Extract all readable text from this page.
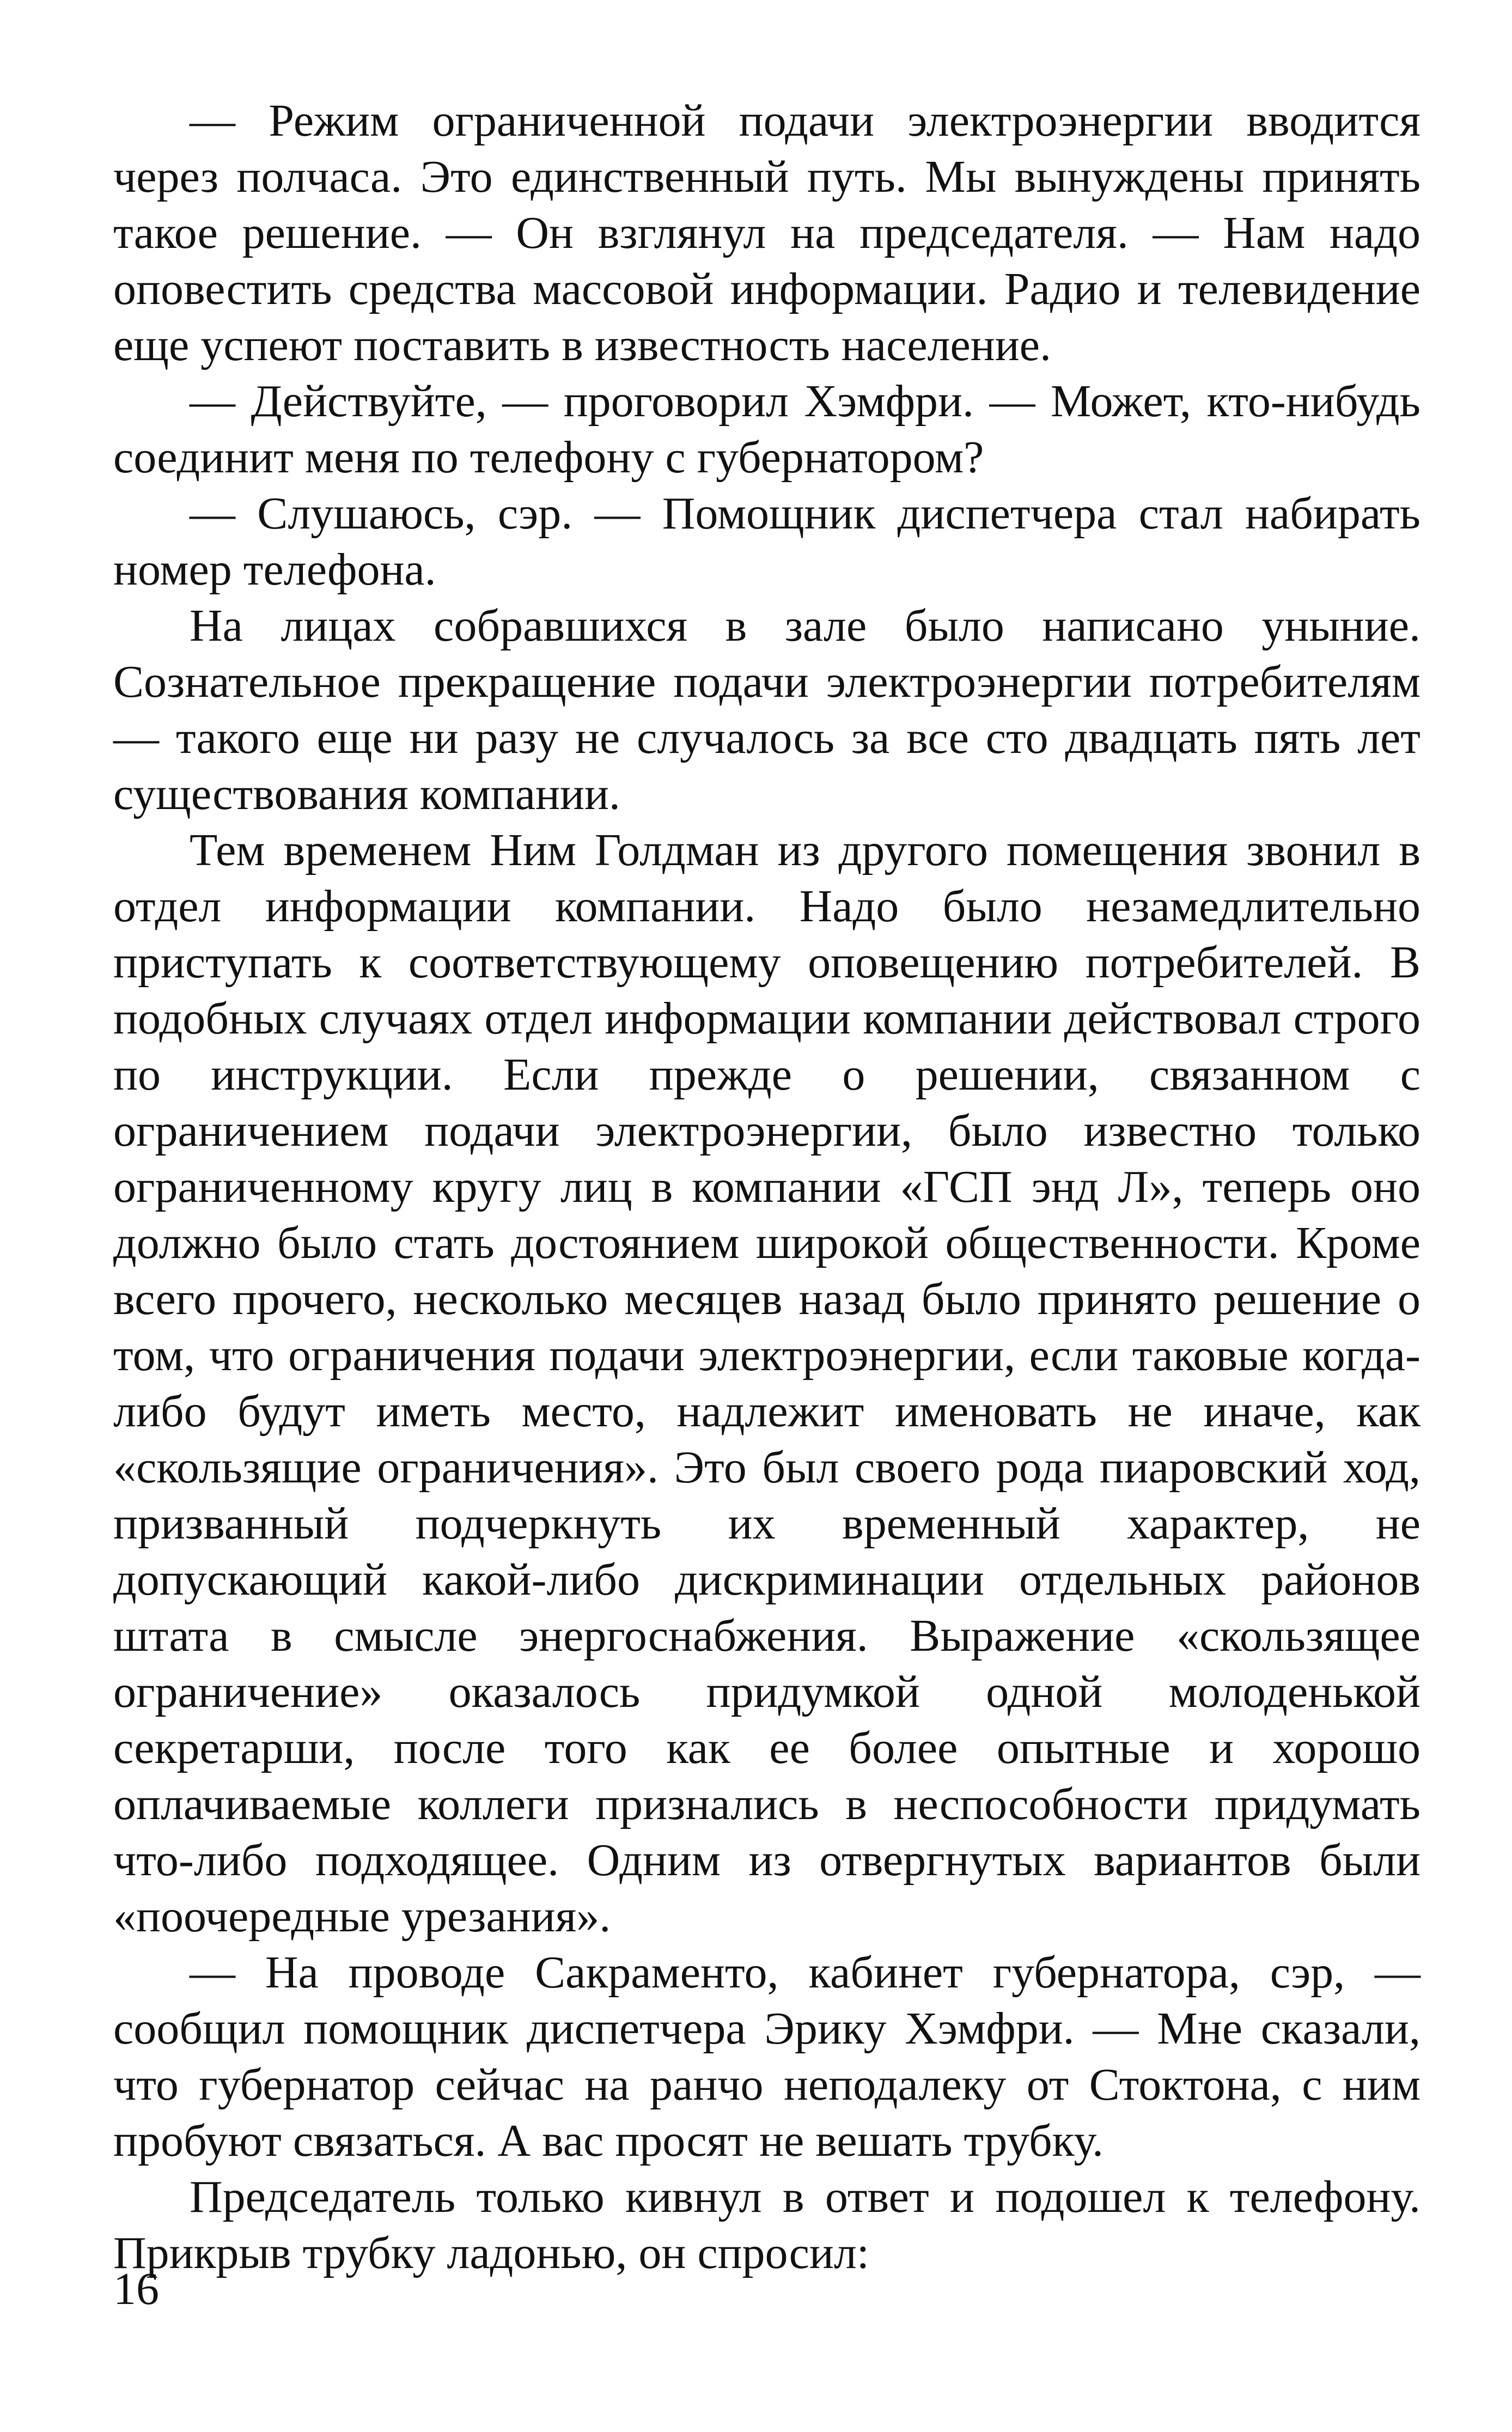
— Режим ограниченной подачи электроэнергии вводится через полчаса. Это единственный путь. Мы вынуждены принять такое решение. — Он взглянул на председателя. — Нам надо оповестить средства массовой информации. Радио и телевидение еще успеют поставить в известность население.

— Действуйте, — проговорил Хэмфри. — Может, кто-нибудь соединит меня по телефону с губернатором?

— Слушаюсь, сэр. — Помощник диспетчера стал набирать номер телефона.

На лицах собравшихся в зале было написано уныние. Сознательное прекращение подачи электроэнергии потребителям — такого еще ни разу не случалось за все сто двадцать пять лет существования компании.

Тем временем Ним Голдман из другого помещения звонил в отдел информации компании. Надо было незамедлительно приступать к соответствующему оповещению потребителей. В подобных случаях отдел информации компании действовал строго по инструкции. Если прежде о решении, связанном с ограничением подачи электроэнергии, было известно только ограниченному кругу лиц в компании «ГСП энд Л», теперь оно должно было стать достоянием широкой общественности. Кроме всего прочего, несколько месяцев назад было принято решение о том, что ограничения подачи электроэнергии, если таковые когда-либо будут иметь место, надлежит именовать не иначе, как «скользящие ограничения». Это был своего рода пиаровский ход, призванный подчеркнуть их временный характер, не допускающий какой-либо дискриминации отдельных районов штата в смысле энергоснабжения. Выражение «скользящее ограничение» оказалось придумкой одной молоденькой секретарши, после того как ее более опытные и хорошо оплачиваемые коллеги признались в неспособности придумать что-либо подходящее. Одним из отвергнутых вариантов были «поочередные урезания».

— На проводе Сакраменто, кабинет губернатора, сэр, — сообщил помощник диспетчера Эрику Хэмфри. — Мне сказали, что губернатор сейчас на ранчо неподалеку от Стоктона, с ним пробуют связаться. А вас просят не вешать трубку.

Председатель только кивнул в ответ и подошел к телефону. Прикрыв трубку ладонью, он спросил:

16
